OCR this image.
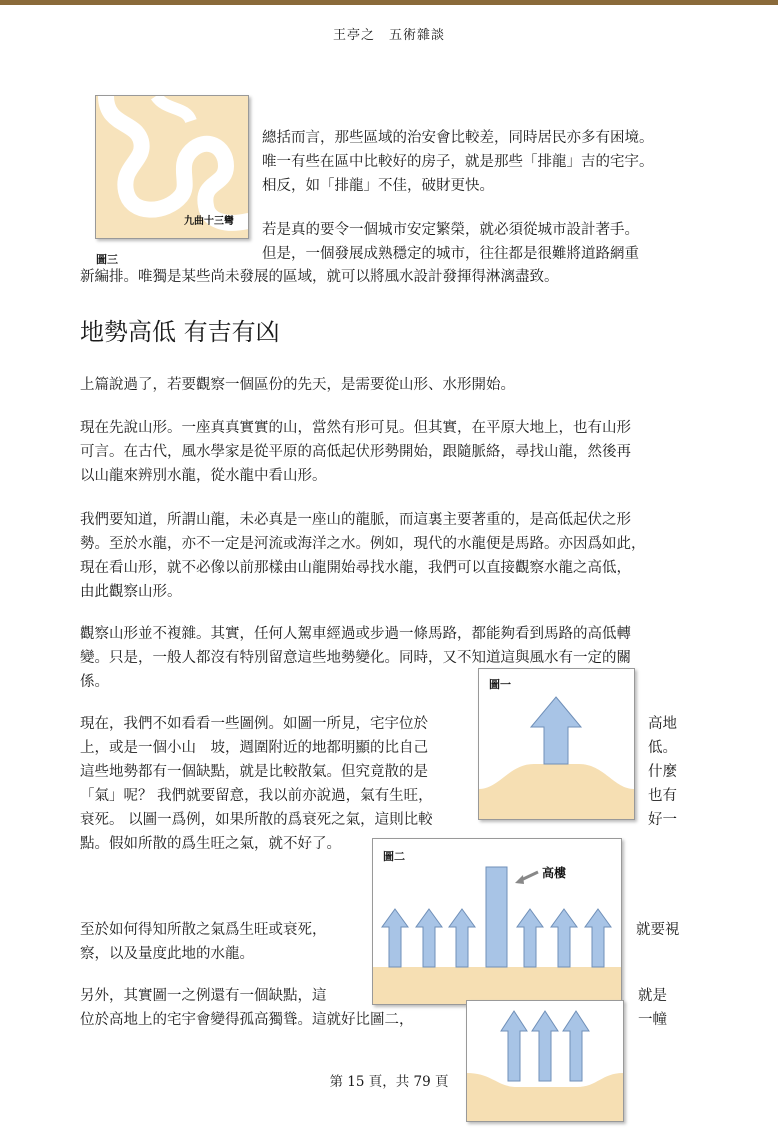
王亭之　五術雜談
九曲十三彎
圖三

總括而言，那些區域的治安會比較差，同時居民亦多有困境。

唯一有些在區中比較好的房子，就是那些「排龍」吉的宅宇。

相反，如「排龍」不佳，破財更快。

若是真的要令一個城市安定繁榮，就必須從城市設計著手。

但是，一個發展成熟穩定的城市，往往都是很難將道路網重

新編排。唯獨是某些尚未發展的區域，就可以將風水設計發揮得淋漓盡致。

地勢高低 有吉有凶

上篇說過了，若要觀察一個區份的先天，是需要從山形、水形開始。

現在先說山形。一座真真實實的山，當然有形可見。但其實，在平原大地上，也有山形

可言。在古代，風水學家是從平原的高低起伏形勢開始，跟隨脈絡，尋找山龍，然後再

以山龍來辨別水龍，從水龍中看山形。

我們要知道，所謂山龍，未必真是一座山的龍脈，而這裏主要著重的，是高低起伏之形

勢。至於水龍，亦不一定是河流或海洋之水。例如，現代的水龍便是馬路。亦因爲如此，

現在看山形，就不必像以前那樣由山龍開始尋找水龍，我們可以直接觀察水龍之高低，

由此觀察山形。

觀察山形並不複雜。其實，任何人駕車經過或步過一條馬路，都能夠看到馬路的高低轉

變。只是，一般人都沒有特別留意這些地勢變化。同時，又不知道這與風水有一定的關

係。	圖一

現在，我們不如看看一些圖例。如圖一所見，宅宇位於	高地

上，或是一個小山　坡，週圍附近的地都明顯的比自己	低。

這些地勢都有一個缺點，就是比較散氣。但究竟散的是	什麼

「氣」呢？ 我們就要留意，我以前亦說過，氣有生旺，	也有

衰死。 以圖一爲例，如果所散的爲衰死之氣，這則比較	好一

點。假如所散的爲生旺之氣，就不好了。

高樓
圖二

至於如何得知所散之氣爲生旺或衰死，	就要視

察，以及量度此地的水龍。

另外，其實圖一之例還有一個缺點，這	就是

位於高地上的宅宇會變得孤高獨聳。這就好比圖二，	一幢

第 15 頁，共 79 頁
